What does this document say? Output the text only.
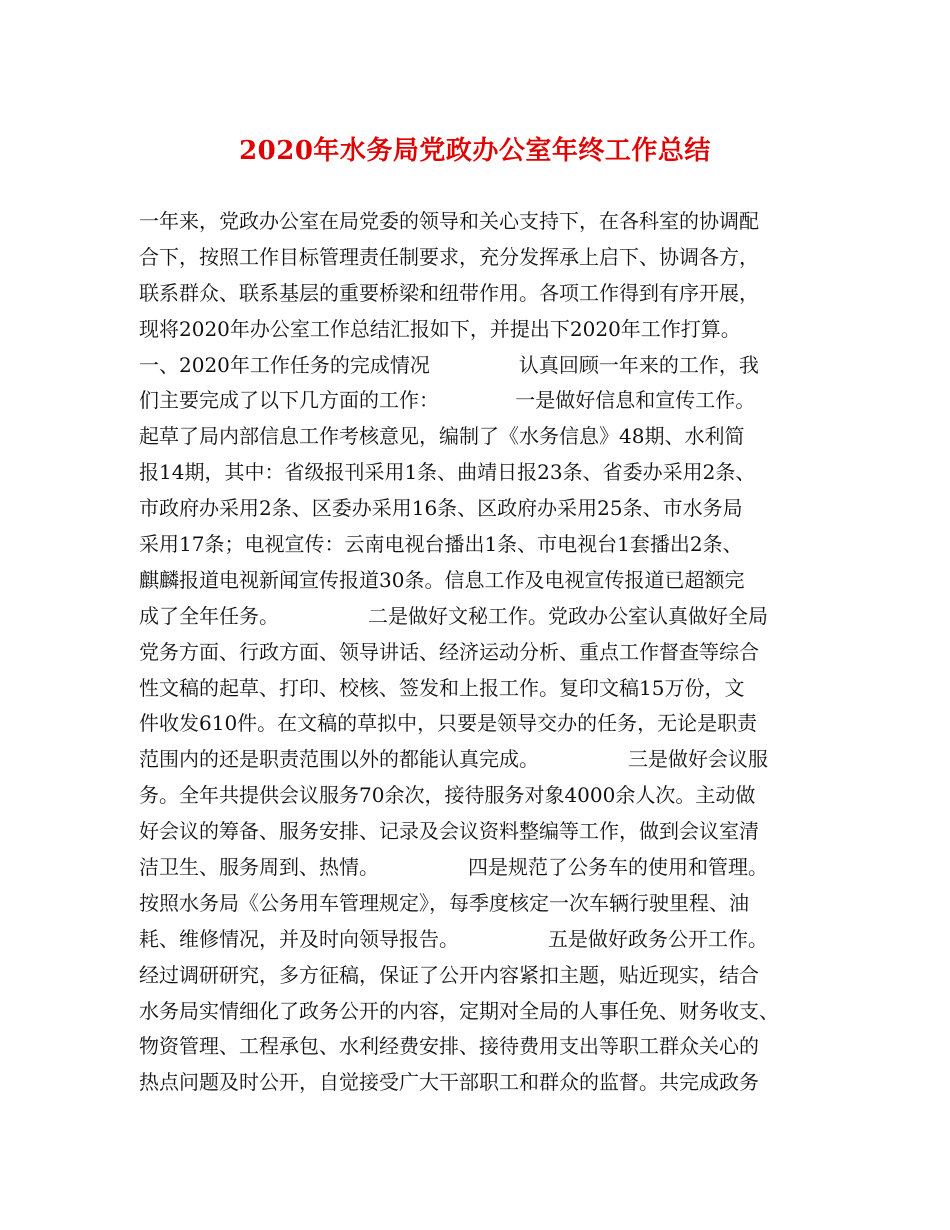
2020年水务局党政办公室年终工作总结
一年来，党政办公室在局党委的领导和关心支持下，在各科室的协调配
合下，按照工作目标管理责任制要求，充分发挥承上启下、协调各方，
联系群众、联系基层的重要桥梁和纽带作用。各项工作得到有序开展，
现将2020年办公室工作总结汇报如下，并提出下2020年工作打算。
一、2020年工作任务的完成情况              认真回顾一年来的工作，我
们主要完成了以下几方面的工作：            一是做好信息和宣传工作。
起草了局内部信息工作考核意见，编制了《水务信息》48期、水利简
报14期，其中：省级报刊采用1条、曲靖日报23条、省委办采用2条、
市政府办采用2条、区委办采用16条、区政府办采用25条、市水务局
采用17条；电视宣传：云南电视台播出1条、市电视台1套播出2条、
麒麟报道电视新闻宣传报道30条。信息工作及电视宣传报道已超额完
成了全年任务。              二是做好文秘工作。党政办公室认真做好全局
党务方面、行政方面、领导讲话、经济运动分析、重点工作督查等综合
性文稿的起草、打印、校核、签发和上报工作。复印文稿15万份，文
件收发610件。在文稿的草拟中，只要是领导交办的任务，无论是职责
范围内的还是职责范围以外的都能认真完成。              三是做好会议服
务。全年共提供会议服务70余次，接待服务对象4000余人次。主动做
好会议的筹备、服务安排、记录及会议资料整编等工作，做到会议室清
洁卫生、服务周到、热情。              四是规范了公务车的使用和管理。
按照水务局《公务用车管理规定》，每季度核定一次车辆行驶里程、油
耗、维修情况，并及时向领导报告。              五是做好政务公开工作。
经过调研研究，多方征稿，保证了公开内容紧扣主题，贴近现实，结合
水务局实情细化了政务公开的内容，定期对全局的人事任免、财务收支、
物资管理、工程承包、水利经费安排、接待费用支出等职工群众关心的
热点问题及时公开，自觉接受广大干部职工和群众的监督。共完成政务
